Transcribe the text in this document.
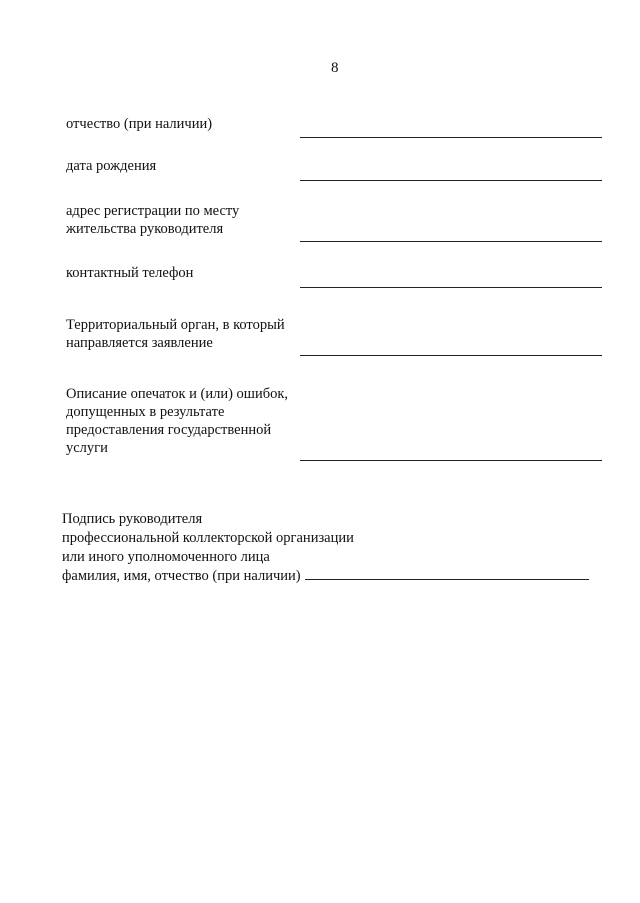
8
отчество (при наличии)
дата рождения
адрес регистрации по месту
жительства руководителя
контактный телефон
Территориальный орган, в который
направляется заявление
Описание опечаток и (или) ошибок,
допущенных в результате
предоставления государственной
услуги
Подпись руководителя
профессиональной коллекторской организации
или иного уполномоченного лица
фамилия, имя, отчество (при наличии)
